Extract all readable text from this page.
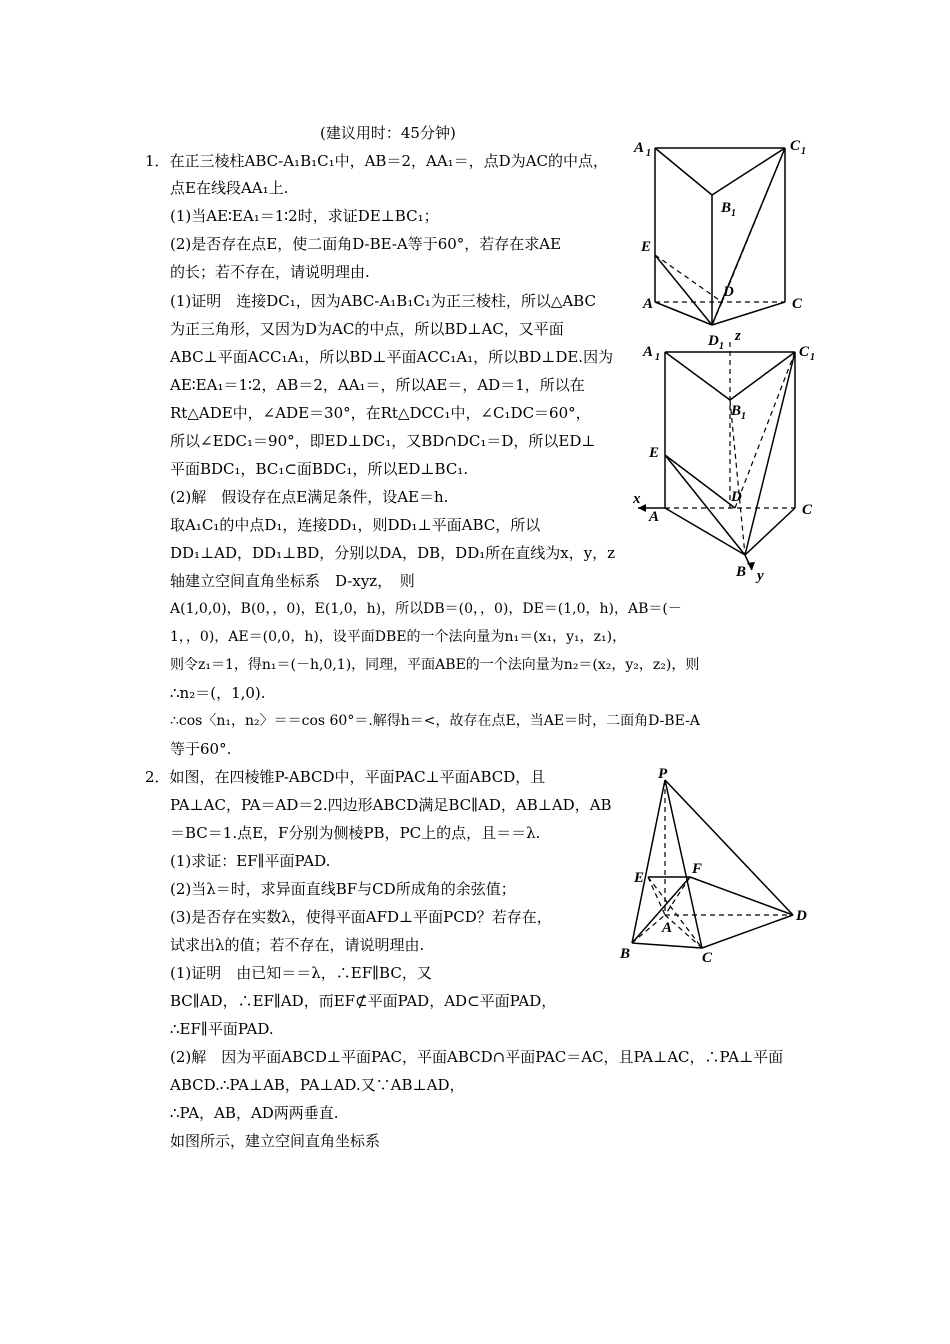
(建议用时：45分钟)
1．在正三棱柱ABC-A₁B₁C₁中，AB＝2，AA₁＝，点D为AC的中点，
点E在线段AA₁上.
(1)当AE∶EA₁＝1∶2时，求证DE⊥BC₁；
(2)是否存在点E，使二面角D-BE-A等于60°，若存在求AE
的长；若不存在，请说明理由.
(1)证明　连接DC₁，因为ABC-A₁B₁C₁为正三棱柱，所以△ABC
为正三角形，又因为D为AC的中点，所以BD⊥AC，又平面
ABC⊥平面ACC₁A₁，所以BD⊥平面ACC₁A₁，所以BD⊥DE.因为
AE∶EA₁＝1∶2，AB＝2，AA₁＝，所以AE＝，AD＝1，所以在
Rt△ADE中，∠ADE＝30°，在Rt△DCC₁中，∠C₁DC＝60°，
所以∠EDC₁＝90°，即ED⊥DC₁，又BD∩DC₁＝D，所以ED⊥
平面BDC₁，BC₁⊂面BDC₁，所以ED⊥BC₁.
(2)解　假设存在点E满足条件，设AE＝h.
取A₁C₁的中点D₁，连接DD₁，则DD₁⊥平面ABC，所以
DD₁⊥AD，DD₁⊥BD，分别以DA，DB，DD₁所在直线为x，y，z
轴建立空间直角坐标系　D-xyz，　则
A(1,0,0)，B(0，，0)，E(1,0，h)，所以DB＝(0，，0)，DE＝(1,0，h)，AB＝(－
1，，0)，AE＝(0,0，h)，设平面DBE的一个法向量为n₁＝(x₁，y₁，z₁)，
则令z₁＝1，得n₁＝(－h,0,1)，同理，平面ABE的一个法向量为n₂＝(x₂，y₂，z₂)，则
∴n₂＝(，1,0).
∴cos〈n₁，n₂〉＝＝cos 60°＝.解得h＝<，故存在点E，当AE＝时，二面角D-BE-A
等于60°.
2．如图，在四棱锥P-ABCD中，平面PAC⊥平面ABCD，且
PA⊥AC，PA＝AD＝2.四边形ABCD满足BC∥AD，AB⊥AD，AB
＝BC＝1.点E，F分别为侧棱PB，PC上的点，且＝＝λ.
(1)求证：EF∥平面PAD.
(2)当λ＝时，求异面直线BF与CD所成角的余弦值；
(3)是否存在实数λ，使得平面AFD⊥平面PCD？若存在，
试求出λ的值；若不存在，请说明理由.
(1)证明　由已知＝＝λ，∴EF∥BC，又
BC∥AD，∴EF∥AD，而EF⊄平面PAD，AD⊂平面PAD，
∴EF∥平面PAD.
(2)解　因为平面ABCD⊥平面PAC，平面ABCD∩平面PAC＝AC，且PA⊥AC，∴PA⊥平面
ABCD.∴PA⊥AB，PA⊥AD.又∵AB⊥AD，
∴PA，AB，AD两两垂直.
如图所示，建立空间直角坐标系
A 1	C 1
B 1
E
D
A	C
D 1
z
A 1	C 1
B 1
E
D
x
A	C
B y
P
E
F
A
D
B	C
